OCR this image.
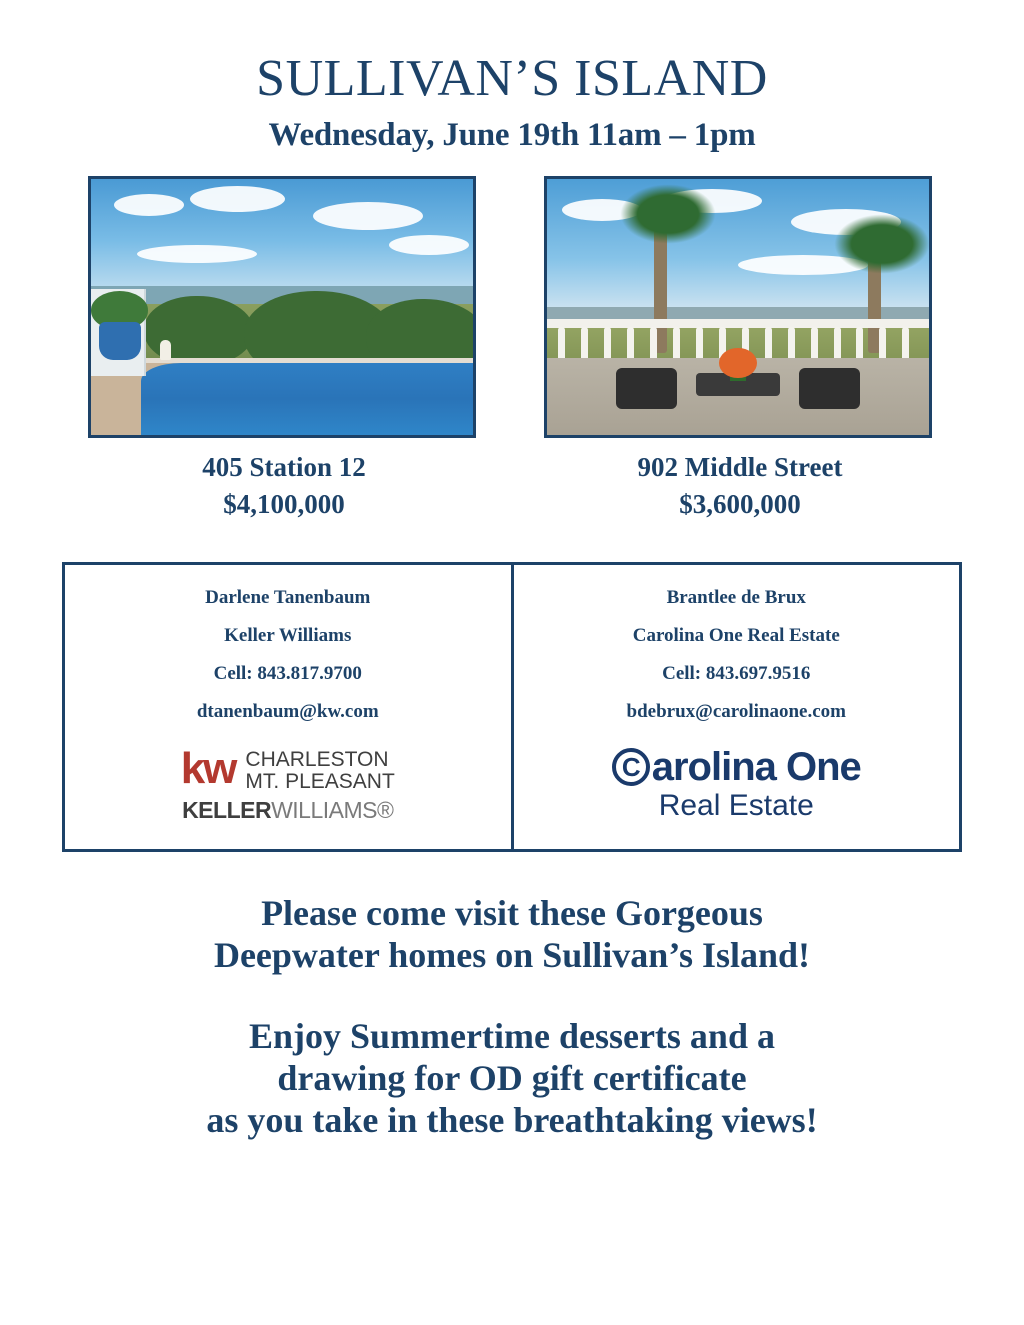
SULLIVAN’S ISLAND
Wednesday, June 19th 11am – 1pm
405 Station 12
$4,100,000
902 Middle Street
$3,600,000
Darlene Tanenbaum
Keller Williams
Cell: 843.817.9700
dtanenbaum@kw.com
kw CHARLESTON
MT. PLEASANT
KELLERWILLIAMS®
Brantlee de Brux
Carolina One Real Estate
Cell: 843.697.9516
bdebrux@carolinaone.com
C arolina One
Real Estate
Please come visit these Gorgeous
Deepwater homes on Sullivan’s Island!
Enjoy Summertime desserts and a
drawing for OD gift certificate
as you take in these breathtaking views!
